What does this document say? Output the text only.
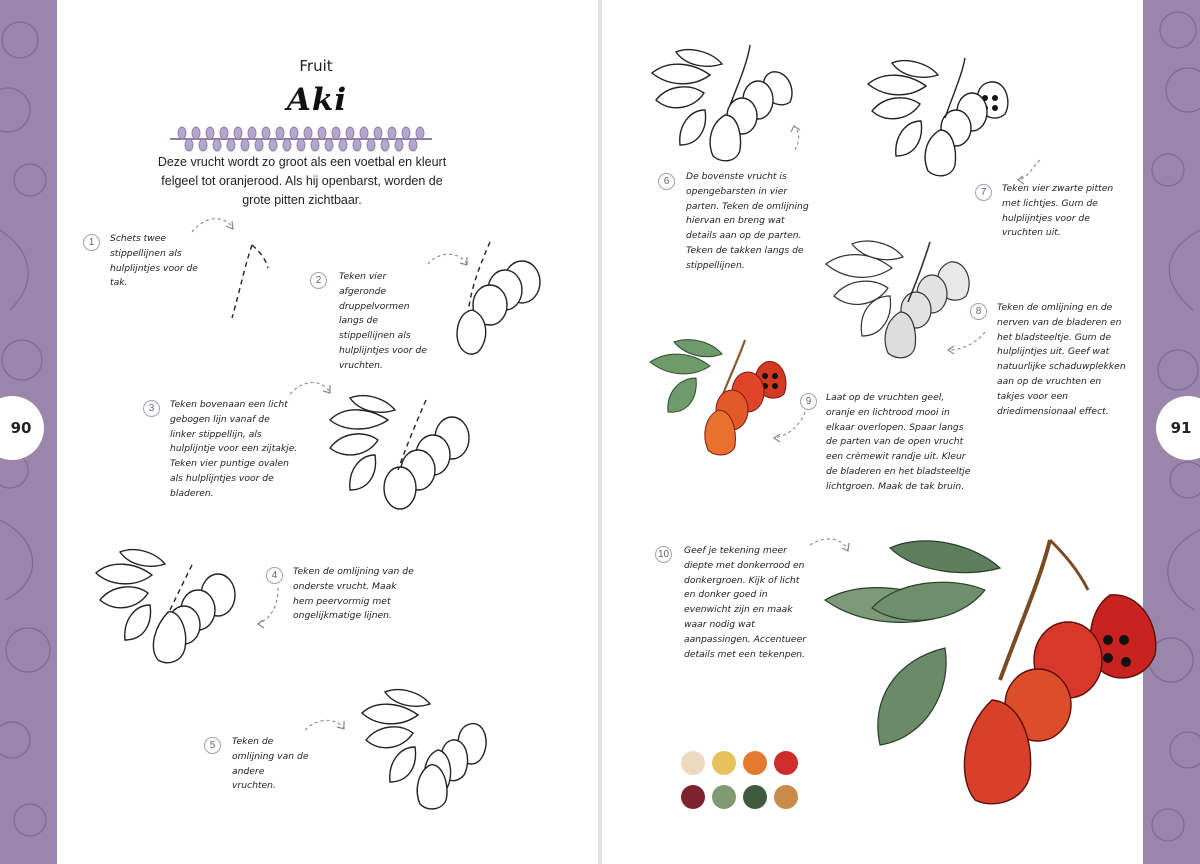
90	91
Fruit
Aki
Deze vrucht wordt zo groot als een voetbal en kleurt felgeel tot oranjerood. Als hij openbarst, worden de grote pitten zichtbaar.
1	Schets twee stippellijnen als hulplijntjes voor de tak.	2	Teken vier afgeronde druppelvormen langs de stippellijnen als hulplijntjes voor de vruchten.
3	Teken bovenaan een licht gebogen lijn vanaf de linker stippellijn, als hulplijntje voor een zijtakje. Teken vier puntige ovalen als hulplijntjes voor de bladeren.
4	Teken de omlijning van de onderste vrucht. Maak hem peervormig met ongelijkmatige lijnen.
5	Teken de omlijning van de andere vruchten.
6	De bovenste vrucht is opengebarsten in vier parten. Teken de omlijning hiervan en breng wat details aan op de parten. Teken de takken langs de stippellijnen.
7	Teken vier zwarte pitten met lichtjes. Gum de hulplijntjes voor de vruchten uit.
8	Teken de omlijning en de nerven van de bladeren en het bladsteeltje. Gum de hulplijntjes uit. Geef wat natuurlijke schaduwplekken aan op de vruchten en takjes voor een driedimensionaal effect.
9	Laat op de vruchten geel, oranje en lichtrood mooi in elkaar overlopen. Spaar langs de parten van de open vrucht een crèmewit randje uit. Kleur de bladeren en het bladsteeltje lichtgroen. Maak de tak bruin.
10	Geef je tekening meer diepte met donkerrood en donkergroen. Kijk of licht en donker goed in evenwicht zijn en maak waar nodig wat aanpassingen. Accentueer details met een tekenpen.
